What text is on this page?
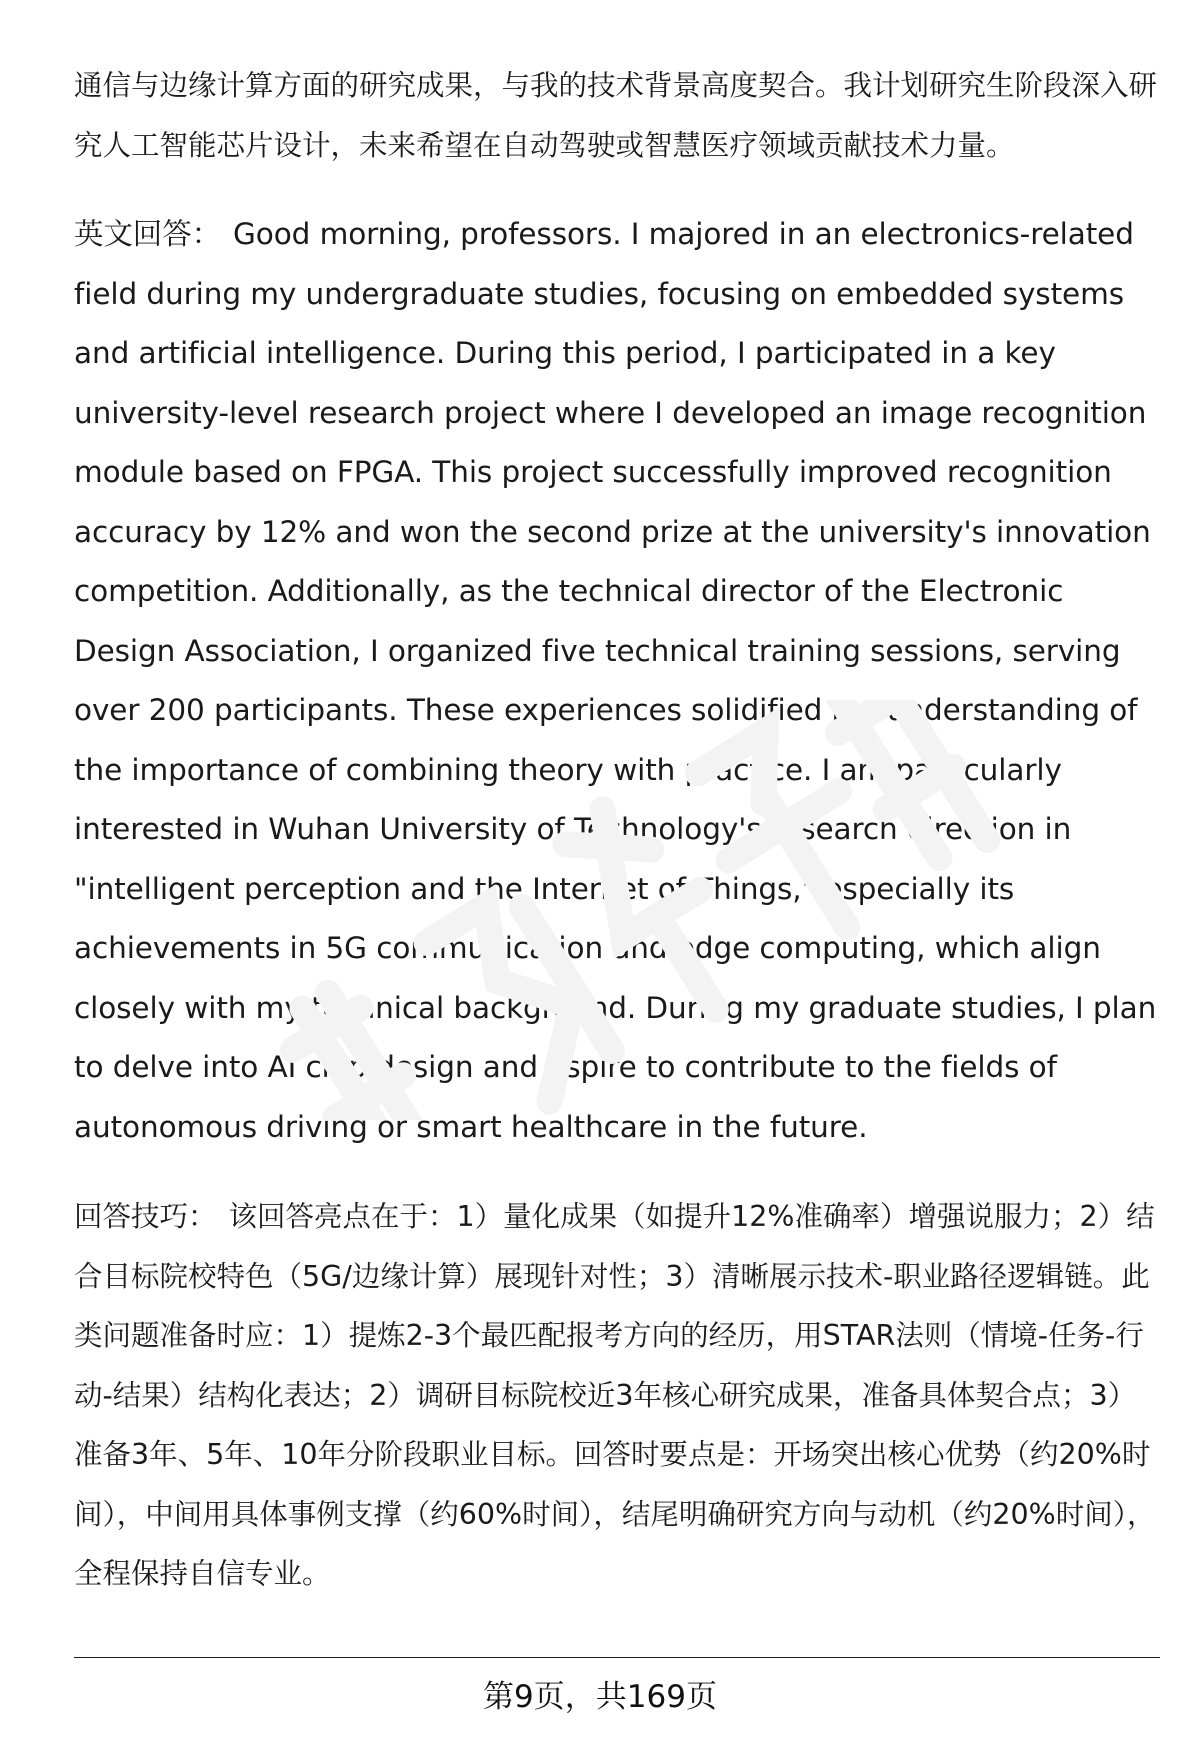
通信与边缘计算方面的研究成果，与我的技术背景高度契合。我计划研究生阶段深入研究人工智能芯片设计，未来希望在自动驾驶或智慧医疗领域贡献技术力量。

英文回答： Good morning, professors. I majored in an electronics-related field during my undergraduate studies, focusing on embedded systems and artificial intelligence. During this period, I participated in a key university-level research project where I developed an image recognition module based on FPGA. This project successfully improved recognition accuracy by 12% and won the second prize at the university's innovation competition. Additionally, as the technical director of the Electronic Design Association, I organized five technical training sessions, serving over 200 participants. These experiences solidified my understanding of the importance of combining theory with practice. I am particularly interested in Wuhan University of Technology's research direction in "intelligent perception and the Internet of Things," especially its achievements in 5G communication and edge computing, which align closely with my technical background. During my graduate studies, I plan to delve into AI chip design and aspire to contribute to the fields of autonomous driving or smart healthcare in the future.

回答技巧： 该回答亮点在于：1）量化成果（如提升12%准确率）增强说服力；2）结合目标院校特色（5G/边缘计算）展现针对性；3）清晰展示技术-职业路径逻辑链。此类问题准备时应：1）提炼2-3个最匹配报考方向的经历，用STAR法则（情境-任务-行动-结果）结构化表达；2）调研目标院校近3年核心研究成果，准备具体契合点；3）准备3年、5年、10年分阶段职业目标。回答时要点是：开场突出核心优势（约20%时间），中间用具体事例支撑（约60%时间），结尾明确研究方向与动机（约20%时间），全程保持自信专业。

第9页，共169页
